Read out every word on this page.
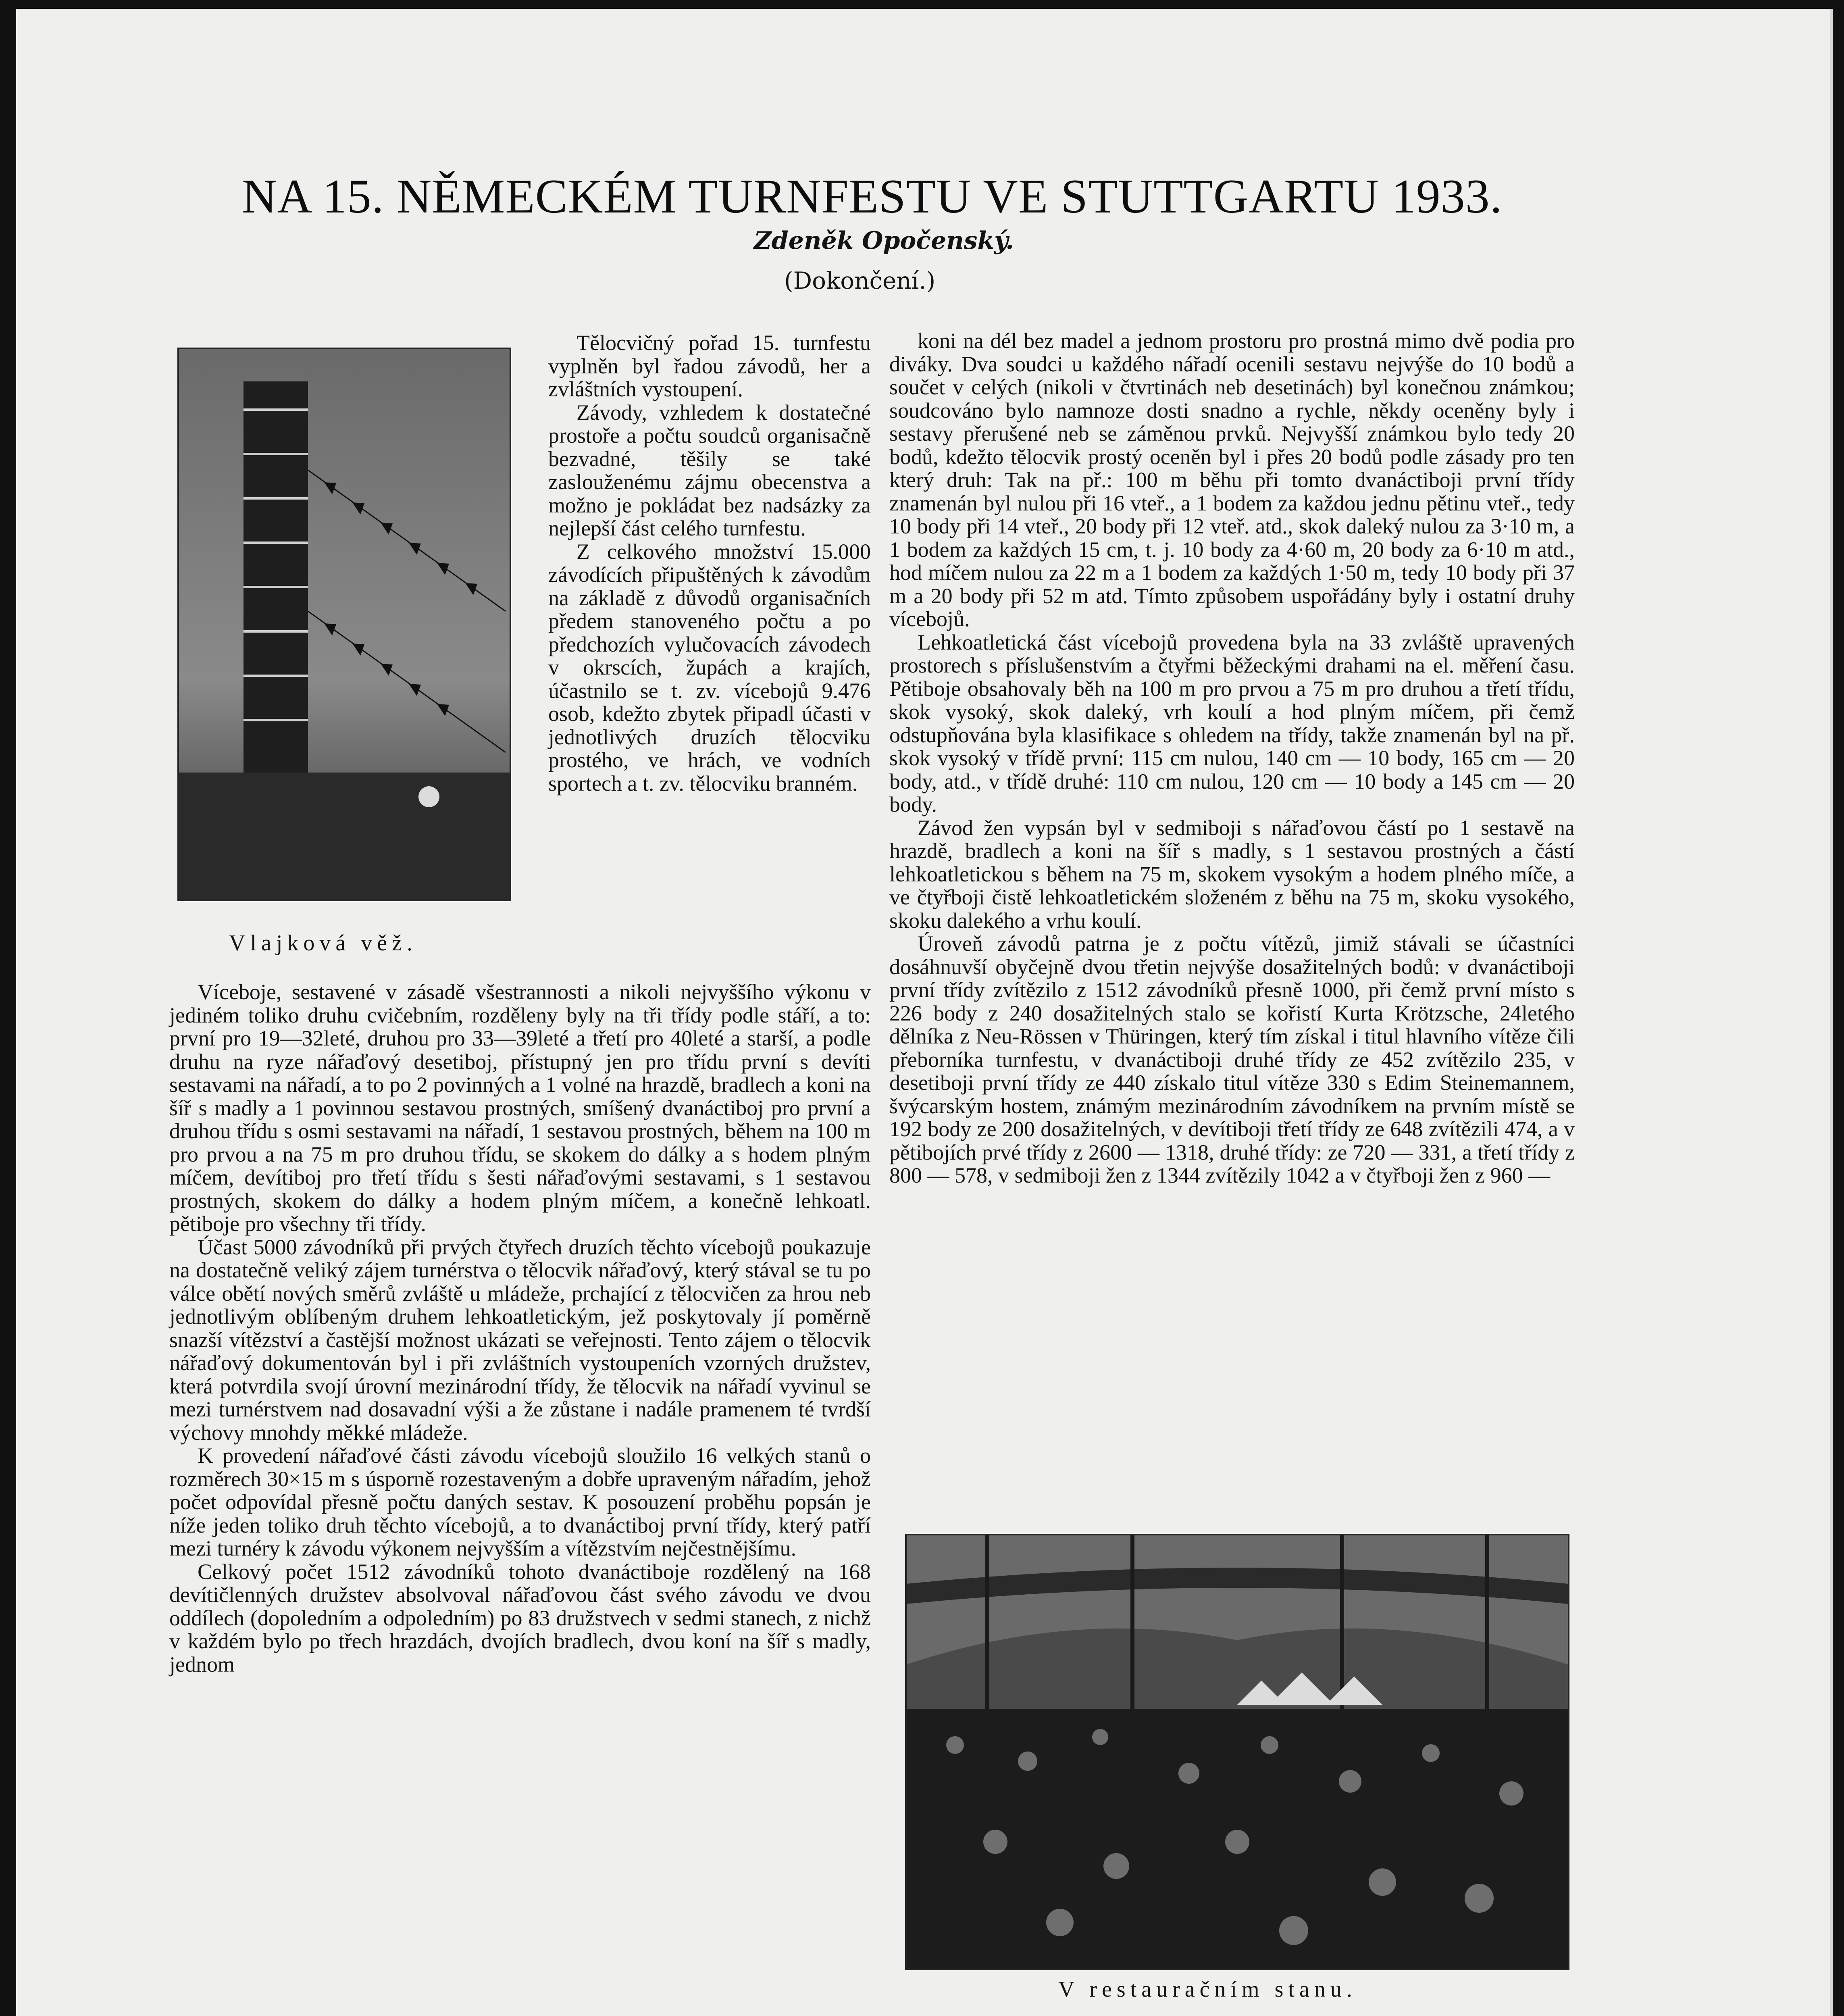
NA 15. NĚMECKÉM TURNFESTU VE STUTTGARTU 1933.
Zdeněk Opočenský.
(Dokončení.)
Vlajková věž.

Tělocvičný pořad 15. turnfestu vyplněn byl řadou závodů, her a zvláštních vystoupení.

Závody, vzhledem k dostatečné prostoře a počtu soudců organisačně bezvadné, těšily se také zaslouženému zájmu obecenstva a možno je pokládat bez nadsázky za nejlepší část celého turnfestu.

Z celkového množství 15.000 závodících připuštěných k závodům na základě z důvodů organisačních předem stanoveného počtu a po předchozích vylučovacích závodech v okrscích, župách a krajích, účastnilo se t. zv. vícebojů 9.476 osob, kdežto zbytek připadl účasti v jednotlivých druzích tělocviku prostého, ve hrách, ve vodních sportech a t. zv. tělocviku branném.

Víceboje, sestavené v zásadě všestrannosti a nikoli nejvyššího výkonu v jediném toliko druhu cvičebním, rozděleny byly na tři třídy podle stáří, a to: první pro 19—32leté, druhou pro 33—39leté a třetí pro 40leté a starší, a podle druhu na ryze nářaďový desetiboj, přístupný jen pro třídu první s devíti sestavami na nářadí, a to po 2 povinných a 1 volné na hrazdě, bradlech a koni na šíř s madly a 1 povinnou sestavou prostných, smíšený dvanáctiboj pro první a druhou třídu s osmi sestavami na nářadí, 1 sestavou prostných, během na 100 m pro prvou a na 75 m pro druhou třídu, se skokem do dálky a s hodem plným míčem, devítiboj pro třetí třídu s šesti nářaďovými sestavami, s 1 sestavou prostných, skokem do dálky a hodem plným míčem, a konečně lehkoatl. pětiboje pro všechny tři třídy.

Účast 5000 závodníků při prvých čtyřech druzích těchto vícebojů poukazuje na dostatečně veliký zájem turnérstva o tělocvik nářaďový, který stával se tu po válce obětí nových směrů zvláště u mládeže, prchající z tělocvičen za hrou neb jednotlivým oblíbeným druhem lehkoatletickým, jež poskytovaly jí poměrně snazší vítězství a častější možnost ukázati se veřejnosti. Tento zájem o tělocvik nářaďový dokumentován byl i při zvláštních vystoupeních vzorných družstev, která potvrdila svojí úrovní mezinárodní třídy, že tělocvik na nářadí vyvinul se mezi turnérstvem nad dosavadní výši a že zůstane i nadále pramenem té tvrdší výchovy mnohdy měkké mládeže.

K provedení nářaďové části závodu vícebojů sloužilo 16 velkých stanů o rozměrech 30×15 m s úsporně rozestaveným a dobře upraveným nářadím, jehož počet odpovídal přesně počtu daných sestav. K posouzení proběhu popsán je níže jeden toliko druh těchto vícebojů, a to dvanáctiboj první třídy, který patří mezi turnéry k závodu výkonem nejvyšším a vítězstvím nejčestnějšímu.

Celkový počet 1512 závodníků tohoto dvanáctiboje rozdělený na 168 devítičlenných družstev absolvoval nářaďovou část svého závodu ve dvou oddílech (dopoledním a odpoledním) po 83 družstvech v sedmi stanech, z nichž v každém bylo po třech hrazdách, dvojích bradlech, dvou koní na šíř s madly, jednom

koni na dél bez madel a jednom prostoru pro prostná mimo dvě podia pro diváky. Dva soudci u každého nářadí ocenili sestavu nejvýše do 10 bodů a součet v celých (nikoli v čtvrtinách neb desetinách) byl konečnou známkou; soudcováno bylo namnoze dosti snadno a rychle, někdy oceněny byly i sestavy přerušené neb se záměnou prvků. Nejvyšší známkou bylo tedy 20 bodů, kdežto tělocvik prostý oceněn byl i přes 20 bodů podle zásady pro ten který druh: Tak na př.: 100 m běhu při tomto dvanáctiboji první třídy znamenán byl nulou při 16 vteř., a 1 bodem za každou jednu pětinu vteř., tedy 10 body při 14 vteř., 20 body při 12 vteř. atd., skok daleký nulou za 3·10 m, a 1 bodem za každých 15 cm, t. j. 10 body za 4·60 m, 20 body za 6·10 m atd., hod míčem nulou za 22 m a 1 bodem za každých 1·50 m, tedy 10 body při 37 m a 20 body při 52 m atd. Tímto způsobem uspořádány byly i ostatní druhy vícebojů.

Lehkoatletická část vícebojů provedena byla na 33 zvláště upravených prostorech s příslušenstvím a čtyřmi běžeckými drahami na el. měření času. Pětiboje obsahovaly běh na 100 m pro prvou a 75 m pro druhou a třetí třídu, skok vysoký, skok daleký, vrh koulí a hod plným míčem, při čemž odstupňována byla klasifikace s ohledem na třídy, takže znamenán byl na př. skok vysoký v třídě první: 115 cm nulou, 140 cm — 10 body, 165 cm — 20 body, atd., v třídě druhé: 110 cm nulou, 120 cm — 10 body a 145 cm — 20 body.

Závod žen vypsán byl v sedmiboji s nářaďovou částí po 1 sestavě na hrazdě, bradlech a koni na šíř s madly, s 1 sestavou prostných a částí lehkoatletickou s během na 75 m, skokem vysokým a hodem plného míče, a ve čtyřboji čistě lehkoatletickém složeném z běhu na 75 m, skoku vysokého, skoku dalekého a vrhu koulí.

Úroveň závodů patrna je z počtu vítězů, jimiž stávali se účastníci dosáhnuvší obyčejně dvou třetin nejvýše dosažitelných bodů: v dvanáctiboji první třídy zvítězilo z 1512 závodníků přesně 1000, při čemž první místo s 226 body z 240 dosažitelných stalo se kořistí Kurta Krötzsche, 24letého dělníka z Neu-Rössen v Thüringen, který tím získal i titul hlavního vítěze čili přeborníka turnfestu, v dvanáctiboji druhé třídy ze 452 zvítězilo 235, v desetiboji první třídy ze 440 získalo titul vítěze 330 s Edim Steinemannem, švýcarským hostem, známým mezinárodním závodníkem na prvním místě se 192 body ze 200 dosažitelných, v devítiboji třetí třídy ze 648 zvítězili 474, a v pětibojích prvé třídy z 2600 — 1318, druhé třídy: ze 720 — 331, a třetí třídy z 800 — 578, v sedmiboji žen z 1344 zvítězily 1042 a v čtyřboji žen z 960 —

V restauračním stanu.
